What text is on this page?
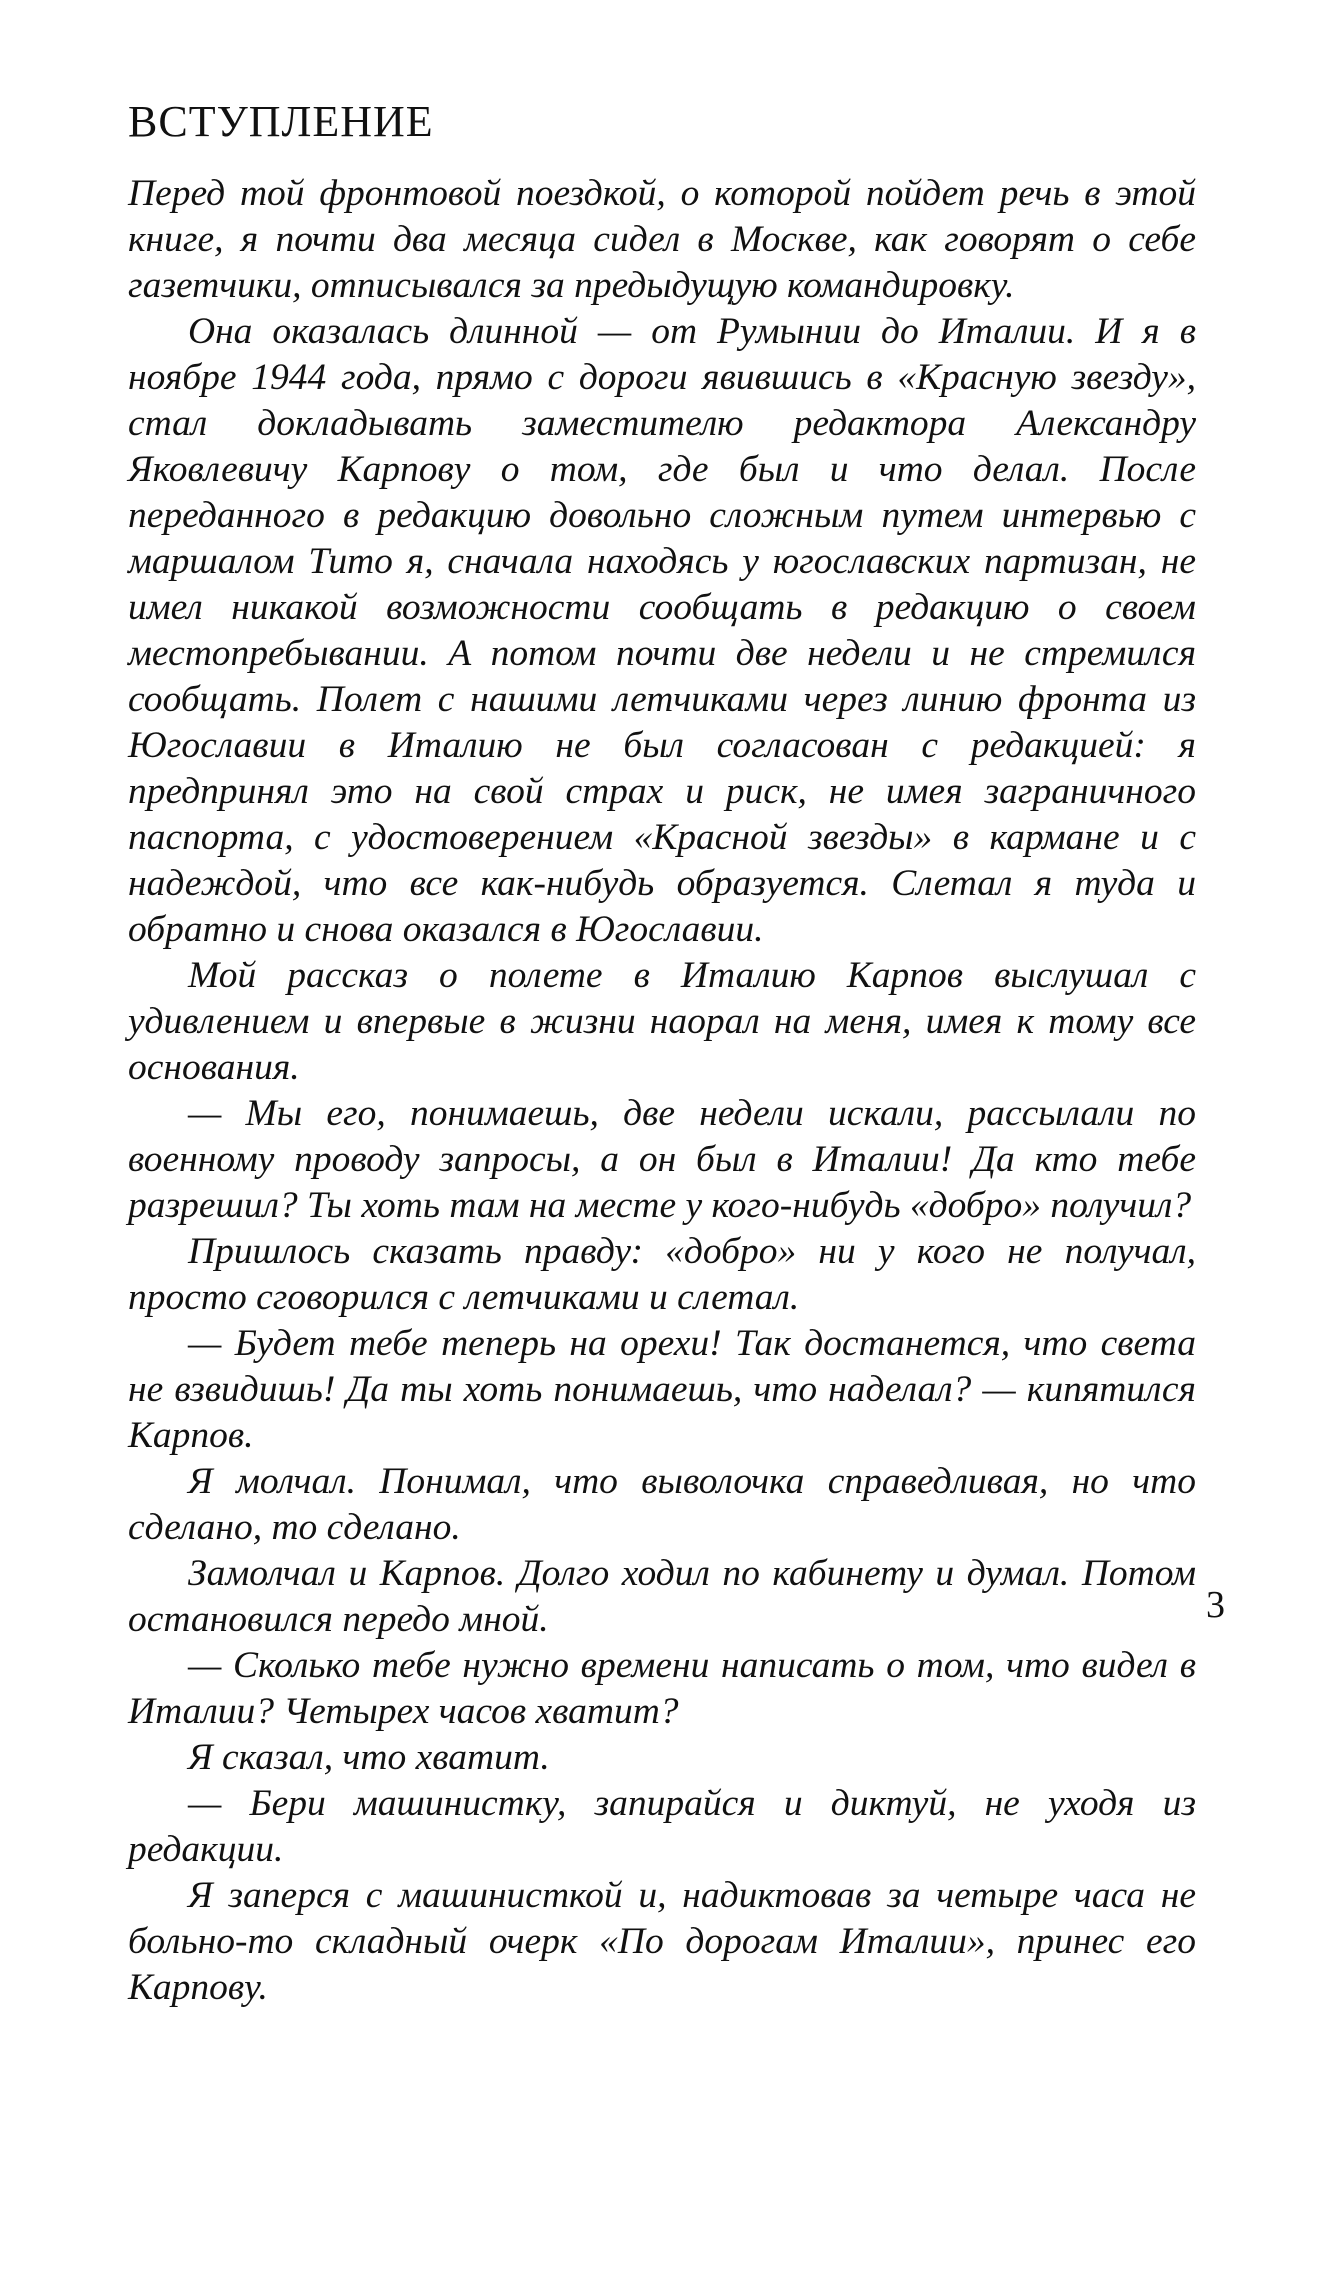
ВСТУПЛЕНИЕ

Перед той фронтовой поездкой, о которой пойдет речь в этой книге, я почти два месяца сидел в Москве, как говорят о себе газетчики, отписывался за предыдущую командировку.

Она оказалась длинной — от Румынии до Италии. И я в ноябре 1944 года, прямо с дороги явившись в «Красную звезду», стал докладывать заместителю редактора Александру Яковлевичу Карпову о том, где был и что делал. После переданного в редакцию довольно сложным путем интервью с маршалом Тито я, сначала находясь у югославских партизан, не имел никакой возможности сообщать в редакцию о своем местопребывании. А потом почти две недели и не стремился сообщать. Полет с нашими летчиками через линию фронта из Югославии в Италию не был согласован с редакцией: я предпринял это на свой страх и риск, не имея заграничного паспорта, с удостоверением «Красной звезды» в кармане и с надеждой, что все как-нибудь образуется. Слетал я туда и обратно и снова оказался в Югославии.

Мой рассказ о полете в Италию Карпов выслушал с удивлением и впервые в жизни наорал на меня, имея к тому все основания.

— Мы его, понимаешь, две недели искали, рассылали по военному проводу запросы, а он был в Италии! Да кто тебе разрешил? Ты хоть там на месте у кого-нибудь «добро» получил?

Пришлось сказать правду: «добро» ни у кого не получал, просто сговорился с летчиками и слетал.

— Будет тебе теперь на орехи! Так достанется, что света не взвидишь! Да ты хоть понимаешь, что наделал? — кипятился Карпов.

Я молчал. Понимал, что выволочка справедливая, но что сделано, то сделано.

Замолчал и Карпов. Долго ходил по кабинету и думал. Потом остановился передо мной.

— Сколько тебе нужно времени написать о том, что видел в Италии? Четырех часов хватит?

Я сказал, что хватит.

— Бери машинистку, запирайся и диктуй, не уходя из редакции.

Я заперся с машинисткой и, надиктовав за четыре часа не больно-то складный очерк «По дорогам Италии», принес его Карпову.

3
